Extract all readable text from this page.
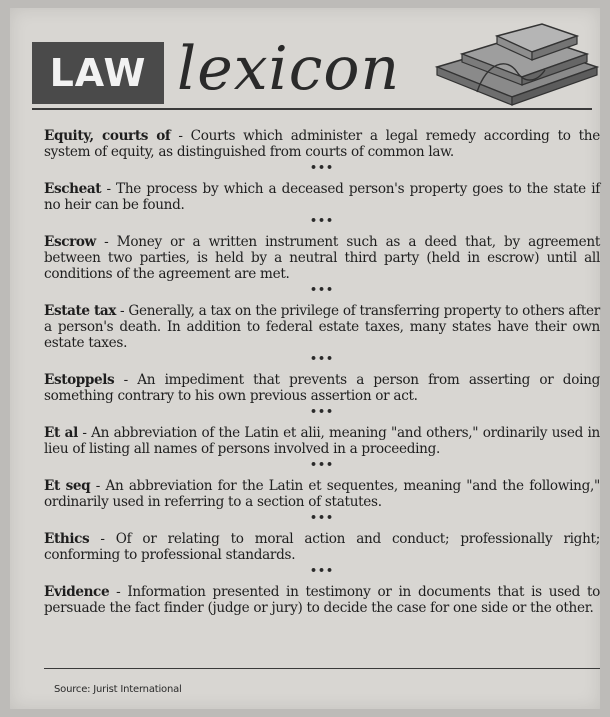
LAW lexicon

Equity, courts of - Courts which administer a legal remedy according to the system of equity, as distinguished from courts of common law.

•••

Escheat - The process by which a deceased person's property goes to the state if no heir can be found.

•••

Escrow - Money or a written instrument such as a deed that, by agreement between two parties, is held by a neutral third party (held in escrow) until all conditions of the agreement are met.

•••

Estate tax - Generally, a tax on the privilege of transferring property to others after a person's death. In addition to federal estate taxes, many states have their own estate taxes.

•••

Estoppels - An impediment that prevents a person from asserting or doing something contrary to his own previous assertion or act.

•••

Et al - An abbreviation of the Latin et alii, meaning "and others," ordinarily used in lieu of listing all names of persons involved in a proceeding.

•••

Et seq - An abbreviation for the Latin et sequentes, meaning "and the following," ordinarily used in referring to a section of statutes.

•••

Ethics - Of or relating to moral action and conduct; professionally right; conforming to professional standards.

•••

Evidence - Information presented in testimony or in documents that is used to persuade the fact finder (judge or jury) to decide the case for one side or the other.

Source: Jurist International
